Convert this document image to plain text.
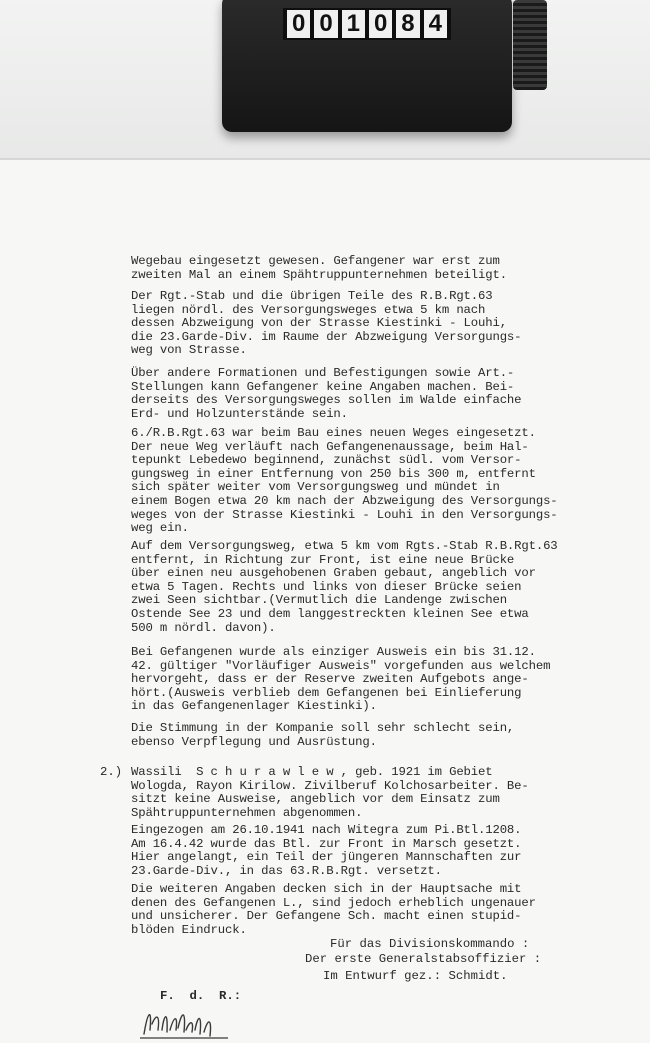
0 0 1 0 8 4
Wegebau eingesetzt gewesen. Gefangener war erst zum
zweiten Mal an einem Spähtruppunternehmen beteiligt.
Der Rgt.-Stab und die übrigen Teile des R.B.Rgt.63
liegen nördl. des Versorgungsweges etwa 5 km nach
dessen Abzweigung von der Strasse Kiestinki - Louhi,
die 23.Garde-Div. im Raume der Abzweigung Versorgungs-
weg von Strasse.
Über andere Formationen und Befestigungen sowie Art.-
Stellungen kann Gefangener keine Angaben machen. Bei-
derseits des Versorgungsweges sollen im Walde einfache
Erd- und Holzunterstände sein.
6./R.B.Rgt.63 war beim Bau eines neuen Weges eingesetzt.
Der neue Weg verläuft nach Gefangenenaussage, beim Hal-
tepunkt Lebedewo beginnend, zunächst südl. vom Versor-
gungsweg in einer Entfernung von 250 bis 300 m, entfernt
sich später weiter vom Versorgungsweg und mündet in
einem Bogen etwa 20 km nach der Abzweigung des Versorgungs-
weges von der Strasse Kiestinki - Louhi in den Versorgungs-
weg ein.
Auf dem Versorgungsweg, etwa 5 km vom Rgts.-Stab R.B.Rgt.63
entfernt, in Richtung zur Front, ist eine neue Brücke
über einen neu ausgehobenen Graben gebaut, angeblich vor
etwa 5 Tagen. Rechts und links von dieser Brücke seien
zwei Seen sichtbar.(Vermutlich die Landenge zwischen
Ostende See 23 und dem langgestreckten kleinen See etwa
500 m nördl. davon).
Bei Gefangenen wurde als einziger Ausweis ein bis 31.12.
42. gültiger "Vorläufiger Ausweis" vorgefunden aus welchem
hervorgeht, dass er der Reserve zweiten Aufgebots ange-
hört.(Ausweis verblieb dem Gefangenen bei Einlieferung
in das Gefangenenlager Kiestinki).
Die Stimmung in der Kompanie soll sehr schlecht sein,
ebenso Verpflegung und Ausrüstung.
2.) Wassili  S c h u r a w l e w , geb. 1921 im Gebiet
Wologda, Rayon Kirilow. Zivilberuf Kolchosarbeiter. Be-
sitzt keine Ausweise, angeblich vor dem Einsatz zum
Spähtruppunternehmen abgenommen.
Eingezogen am 26.10.1941 nach Witegra zum Pi.Btl.1208.
Am 16.4.42 wurde das Btl. zur Front in Marsch gesetzt.
Hier angelangt, ein Teil der jüngeren Mannschaften zur
23.Garde-Div., in das 63.R.B.Rgt. versetzt.
Die weiteren Angaben decken sich in der Hauptsache mit
denen des Gefangenen L., sind jedoch erheblich ungenauer
und unsicherer. Der Gefangene Sch. macht einen stupid-
blöden Eindruck.
Für das Divisionskommando :
Der erste Generalstabsoffizier :
Im Entwurf gez.: Schmidt.
F.  d.  R.:
